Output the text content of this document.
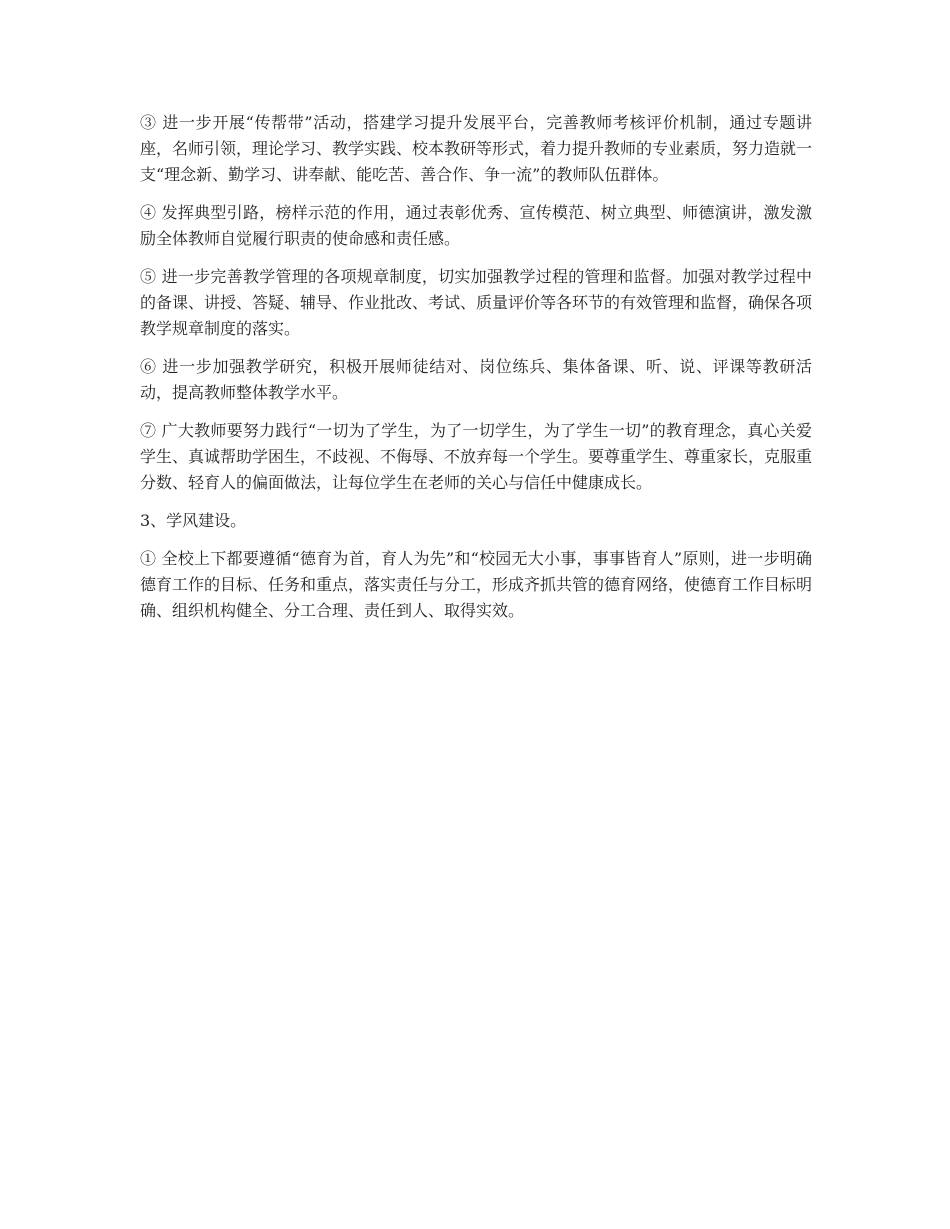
③ 进一步开展“传帮带”活动，搭建学习提升发展平台，完善教师考核评价机制，通过专题讲座，名师引领，理论学习、教学实践、校本教研等形式，着力提升教师的专业素质，努力造就一支“理念新、勤学习、讲奉献、能吃苦、善合作、争一流”的教师队伍群体。

④ 发挥典型引路，榜样示范的作用，通过表彰优秀、宣传模范、树立典型、师德演讲，激发激励全体教师自觉履行职责的使命感和责任感。

⑤ 进一步完善教学管理的各项规章制度，切实加强教学过程的管理和监督。加强对教学过程中的备课、讲授、答疑、辅导、作业批改、考试、质量评价等各环节的有效管理和监督，确保各项教学规章制度的落实。

⑥ 进一步加强教学研究，积极开展师徒结对、岗位练兵、集体备课、听、说、评课等教研活动，提高教师整体教学水平。

⑦ 广大教师要努力践行“一切为了学生，为了一切学生，为了学生一切”的教育理念，真心关爱学生、真诚帮助学困生，不歧视、不侮辱、不放弃每一个学生。要尊重学生、尊重家长，克服重分数、轻育人的偏面做法，让每位学生在老师的关心与信任中健康成长。

3、学风建设。

① 全校上下都要遵循“德育为首，育人为先”和“校园无大小事，事事皆育人”原则，进一步明确德育工作的目标、任务和重点，落实责任与分工，形成齐抓共管的德育网络，使德育工作目标明确、组织机构健全、分工合理、责任到人、取得实效。
